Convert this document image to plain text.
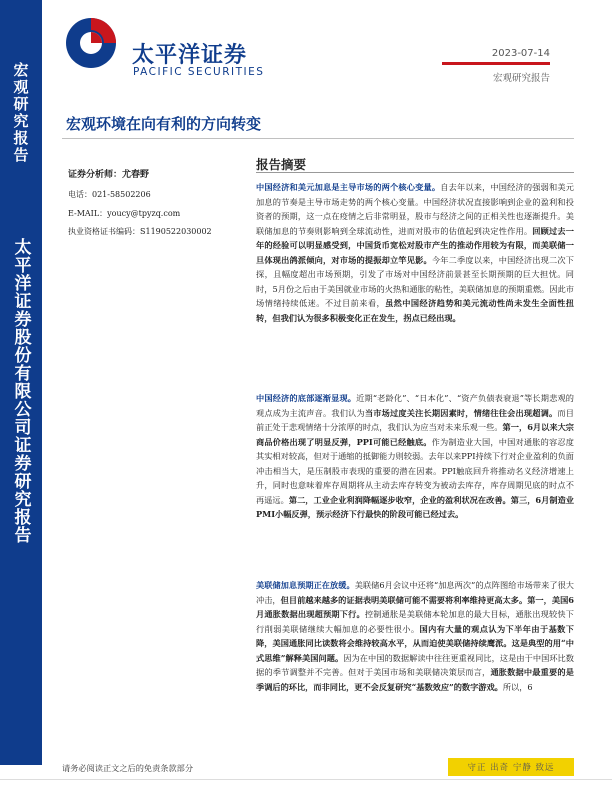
宏观研究报告
太平洋证券股份有限公司证券研究报告
太平洋证券
PACIFIC SECURITIES
2023-07-14
宏观研究报告
宏观环境在向有利的方向转变
证券分析师：尤春野
电话：021-58502206
E-MAIL：youcy@tpyzq.com
执业资格证书编码：S1190522030002
报告摘要
中国经济和美元加息是主导市场的两个核心变量。自去年以来，中国经济的强弱和美元加息的节奏是主导市场走势的两个核心变量。中国经济状况直接影响到企业的盈利和投资者的预期，这一点在疫情之后非常明显，股市与经济之间的正相关性也逐渐提升。美联储加息的节奏则影响到全球流动性，进而对股市的估值起到决定性作用。回顾过去一年的经验可以明显感受到，中国货币宽松对股市产生的推动作用较为有限，而美联储一旦体现出鸽派倾向，对市场的提振却立竿见影。今年二季度以来，中国经济出现二次下探，且幅度超出市场预期，引发了市场对中国经济前景甚至长期预期的巨大担忧。同时，5月份之后由于美国就业市场的火热和通胀的粘性，美联储加息的预期重燃。因此市场情绪持续低迷。不过目前来看，虽然中国经济趋势和美元流动性尚未发生全面性扭转，但我们认为很多积极变化正在发生，拐点已经出现。
中国经济的底部逐渐显现。近期“老龄化”、“日本化”、“资产负债表衰退”等长期悲观的观点成为主流声音。我们认为当市场过度关注长期因素时，情绪往往会出现超调。而目前正处于悲观情绪十分浓厚的时点，我们认为应当对未来乐观一些。第一，6月以来大宗商品价格出现了明显反弹，PPI可能已经触底。作为制造业大国，中国对通胀的容忍度其实相对较高，但对于通缩的抵御能力则较弱。去年以来PPI持续下行对企业盈利的负面冲击相当大，是压制股市表现的重要的潜在因素。PPI触底回升将推动名义经济增速上升，同时也意味着库存周期将从主动去库存转变为被动去库存，库存周期见底的时点不再遥远。第二，工业企业利润降幅逐步收窄，企业的盈利状况在改善。第三，6月制造业PMI小幅反弹，预示经济下行最快的阶段可能已经过去。
美联储加息预期正在放缓。美联储6月会议中还将“加息两次”的点阵图给市场带来了很大冲击，但目前越来越多的证据表明美联储可能不需要将利率维持更高太多。第一，美国6月通胀数据出现超预期下行。控制通胀是美联储本轮加息的最大目标，通胀出现较快下行削弱美联储继续大幅加息的必要性很小。国内有大量的观点认为下半年由于基数下降，美国通胀同比读数将会维持较高水平，从而迫使美联储持续鹰派。这是典型的用“中式思维”解释美国问题。因为在中国的数据解读中往往更重视同比，这是由于中国环比数据的季节调整并不完善。但对于美国市场和美联储决策层而言，通胀数据中最重要的是季调后的环比，而非同比，更不会反复研究“基数效应”的数字游戏。所以，6
请务必阅读正文之后的免责条款部分	守正 出奇 宁静 致远
